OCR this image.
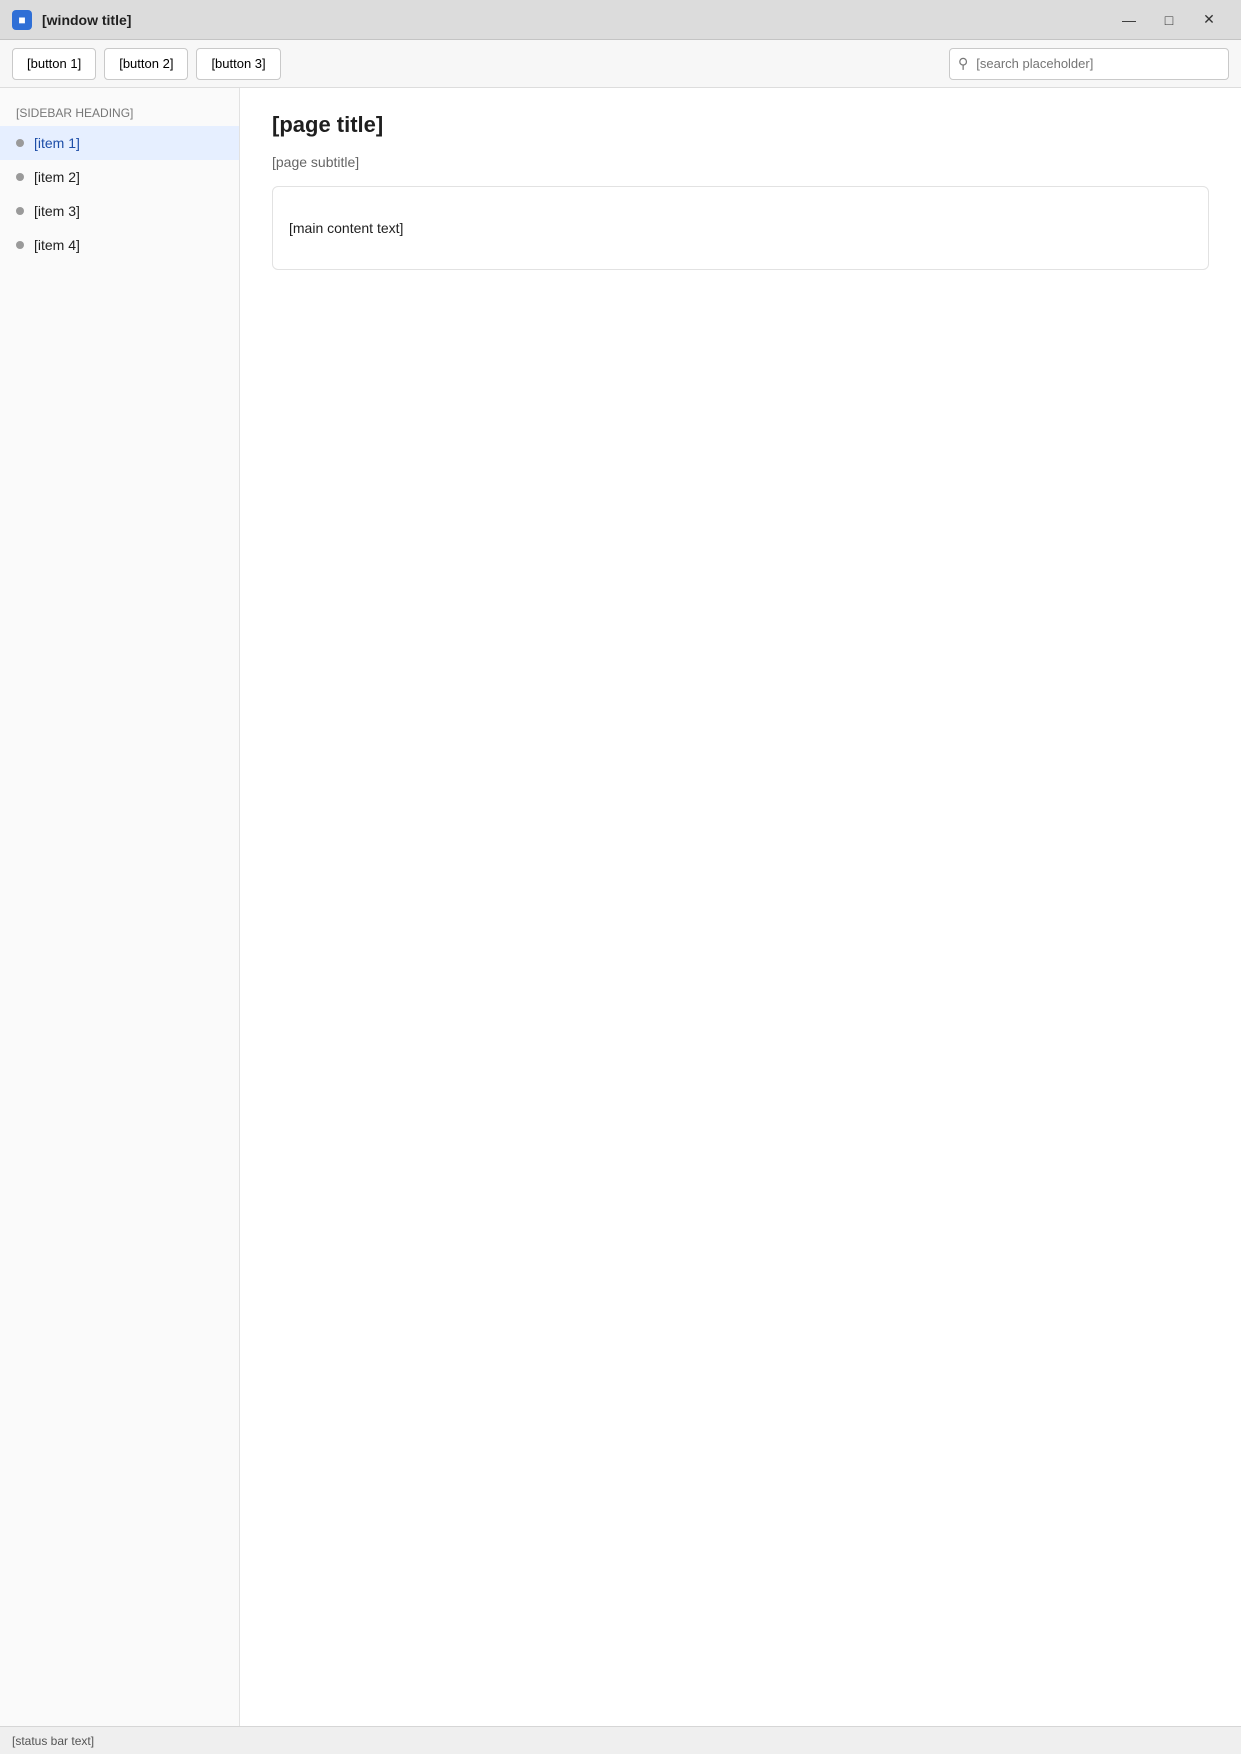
■	[window title]	—	□	✕
[button 1]	[button 2]	[button 3]	⚲
[search placeholder]
[SIDEBAR HEADING]
[item 1]
[item 2]
[item 3]
[item 4]
[page title]

[page subtitle]

[main content text]

[status bar text]
